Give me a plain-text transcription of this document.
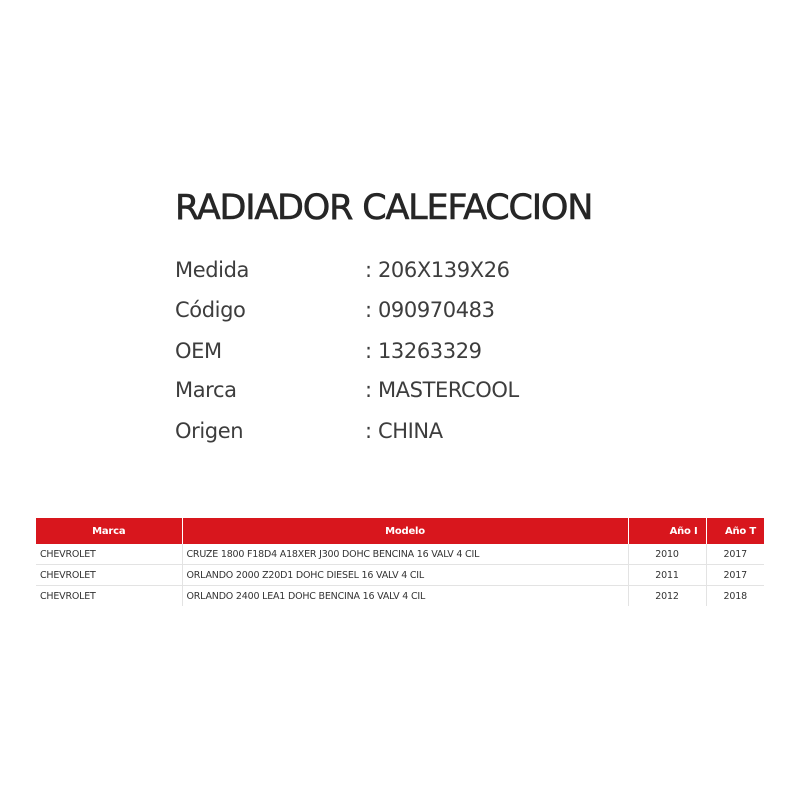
RADIADOR CALEFACCION
Medida	: 206X139X26
Código	: 090970483
OEM	: 13263329
Marca	: MASTERCOOL
Origen	: CHINA
Marca	Modelo	Año I	Año T
CHEVROLET	CRUZE 1800 F18D4 A18XER J300 DOHC BENCINA 16 VALV 4 CIL	2010	2017
CHEVROLET	ORLANDO 2000 Z20D1 DOHC DIESEL 16 VALV 4 CIL	2011	2017
CHEVROLET	ORLANDO 2400 LEA1 DOHC BENCINA 16 VALV 4 CIL	2012	2018
